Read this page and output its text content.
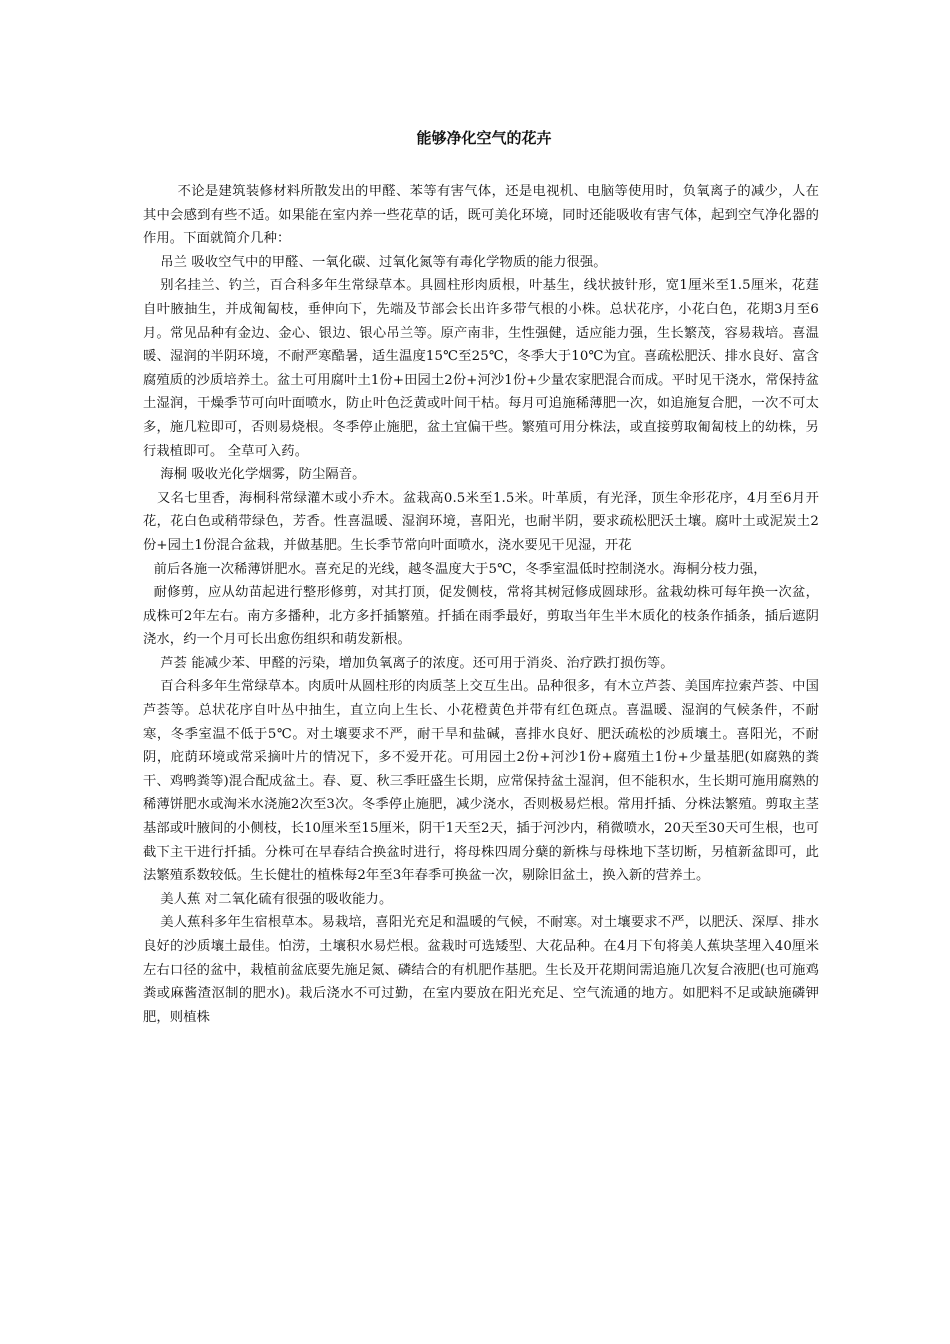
能够净化空气的花卉

不论是建筑装修材料所散发出的甲醛、苯等有害气体，还是电视机、电脑等使用时，负氧离子的减少，人在其中会感到有些不适。如果能在室内养一些花草的话，既可美化环境，同时还能吸收有害气体，起到空气净化器的作用。下面就简介几种：

吊兰 吸收空气中的甲醛、一氧化碳、过氧化氮等有毒化学物质的能力很强。

别名挂兰、钓兰，百合科多年生常绿草本。具圆柱形肉质根，叶基生，线状披针形，宽1厘米至1.5厘米，花莛自叶腋抽生，并成匍匐枝，垂伸向下，先端及节部会长出许多带气根的小株。总状花序，小花白色，花期3月至6月。常见品种有金边、金心、银边、银心吊兰等。原产南非，生性强健，适应能力强，生长繁茂，容易栽培。喜温暖、湿润的半阴环境，不耐严寒酷暑，适生温度15℃至25℃，冬季大于10℃为宜。喜疏松肥沃、排水良好、富含腐殖质的沙质培养土。盆土可用腐叶土1份+田园土2份+河沙1份+少量农家肥混合而成。平时见干浇水，常保持盆土湿润，干燥季节可向叶面喷水，防止叶色泛黄或叶间干枯。每月可追施稀薄肥一次，如追施复合肥，一次不可太多，施几粒即可，否则易烧根。冬季停止施肥，盆土宜偏干些。繁殖可用分株法，或直接剪取匍匐枝上的幼株，另行栽植即可。 全草可入药。

海桐 吸收光化学烟雾，防尘隔音。

又名七里香，海桐科常绿灌木或小乔木。盆栽高0.5米至1.5米。叶革质，有光泽，顶生伞形花序，4月至6月开花，花白色或稍带绿色，芳香。性喜温暖、湿润环境，喜阳光，也耐半阴，要求疏松肥沃土壤。腐叶土或泥炭土2份+园土1份混合盆栽，并做基肥。生长季节常向叶面喷水，浇水要见干见湿，开花

前后各施一次稀薄饼肥水。喜充足的光线，越冬温度大于5℃，冬季室温低时控制浇水。海桐分枝力强，

耐修剪，应从幼苗起进行整形修剪，对其打顶，促发侧枝，常将其树冠修成圆球形。盆栽幼株可每年换一次盆，成株可2年左右。南方多播种，北方多扦插繁殖。扦插在雨季最好，剪取当年生半木质化的枝条作插条，插后遮阴浇水，约一个月可长出愈伤组织和萌发新根。

芦荟 能减少苯、甲醛的污染，增加负氧离子的浓度。还可用于消炎、治疗跌打损伤等。

百合科多年生常绿草本。肉质叶从圆柱形的肉质茎上交互生出。品种很多，有木立芦荟、美国库拉索芦荟、中国芦荟等。总状花序自叶丛中抽生，直立向上生长、小花橙黄色并带有红色斑点。喜温暖、湿润的气候条件，不耐寒，冬季室温不低于5℃。对土壤要求不严，耐干旱和盐碱，喜排水良好、肥沃疏松的沙质壤土。喜阳光，不耐阴，庇荫环境或常采摘叶片的情况下，多不爱开花。可用园土2份+河沙1份+腐殖土1份+少量基肥(如腐熟的粪干、鸡鸭粪等)混合配成盆土。春、夏、秋三季旺盛生长期，应常保持盆土湿润，但不能积水，生长期可施用腐熟的稀薄饼肥水或淘米水浇施2次至3次。冬季停止施肥，减少浇水，否则极易烂根。常用扦插、分株法繁殖。剪取主茎基部或叶腋间的小侧枝，长10厘米至15厘米，阴干1天至2天，插于河沙内，稍微喷水，20天至30天可生根，也可截下主干进行扦插。分株可在早春结合换盆时进行，将母株四周分蘖的新株与母株地下茎切断，另植新盆即可，此法繁殖系数较低。生长健壮的植株每2年至3年春季可换盆一次，剔除旧盆土，换入新的营养土。

美人蕉 对二氧化硫有很强的吸收能力。

美人蕉科多年生宿根草本。易栽培，喜阳光充足和温暖的气候，不耐寒。对土壤要求不严，以肥沃、深厚、排水良好的沙质壤土最佳。怕涝，土壤积水易烂根。盆栽时可选矮型、大花品种。在4月下旬将美人蕉块茎埋入40厘米左右口径的盆中，栽植前盆底要先施足氮、磷结合的有机肥作基肥。生长及开花期间需追施几次复合液肥(也可施鸡粪或麻酱渣沤制的肥水)。栽后浇水不可过勤，在室内要放在阳光充足、空气流通的地方。如肥料不足或缺施磷钾肥，则植株
